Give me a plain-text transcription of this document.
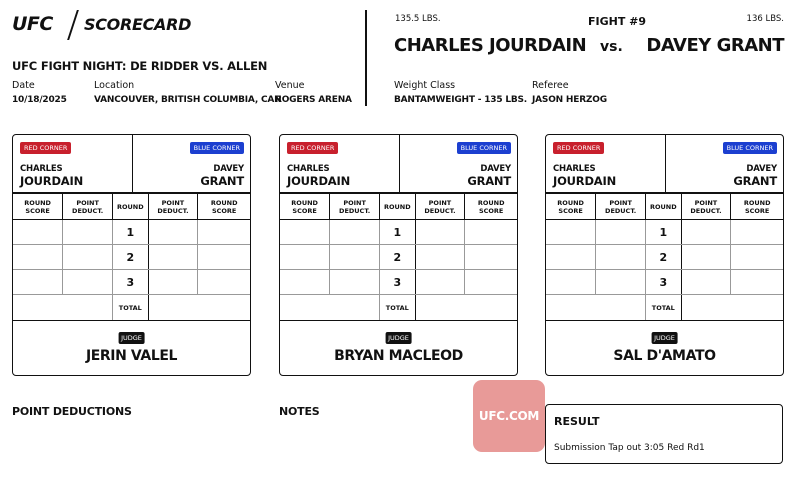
UFC SCORECARD
UFC FIGHT NIGHT: DE RIDDER VS. ALLEN
Date
10/18/2025
Location
VANCOUVER, BRITISH COLUMBIA, CAN
Venue
ROGERS ARENA
135.5 LBS.	FIGHT #9	136 LBS.
CHARLES JOURDAIN vs. DAVEY GRANT
Weight Class
BANTAMWEIGHT - 135 LBS.
Referee
JASON HERZOG
RED CORNER	BLUE CORNER
CHARLES
JOURDAIN
DAVEY
GRANT
ROUND SCORE	POINT DEDUCT.	ROUND	POINT DEDUCT.	ROUND SCORE
		1		
		2		
		3		
		TOTAL		
JUDGE
JERIN VALEL
RED CORNER	BLUE CORNER
CHARLES
JOURDAIN
DAVEY
GRANT
ROUND SCORE	POINT DEDUCT.	ROUND	POINT DEDUCT.	ROUND SCORE
		1		
		2		
		3		
		TOTAL		
JUDGE
BRYAN MACLEOD
RED CORNER	BLUE CORNER
CHARLES
JOURDAIN
DAVEY
GRANT
ROUND SCORE	POINT DEDUCT.	ROUND	POINT DEDUCT.	ROUND SCORE
		1		
		2		
		3		
		TOTAL		
JUDGE
SAL D'AMATO
POINT DEDUCTIONS	NOTES	UFC.COM	RESULT
Submission Tap out 3:05 Red Rd1
